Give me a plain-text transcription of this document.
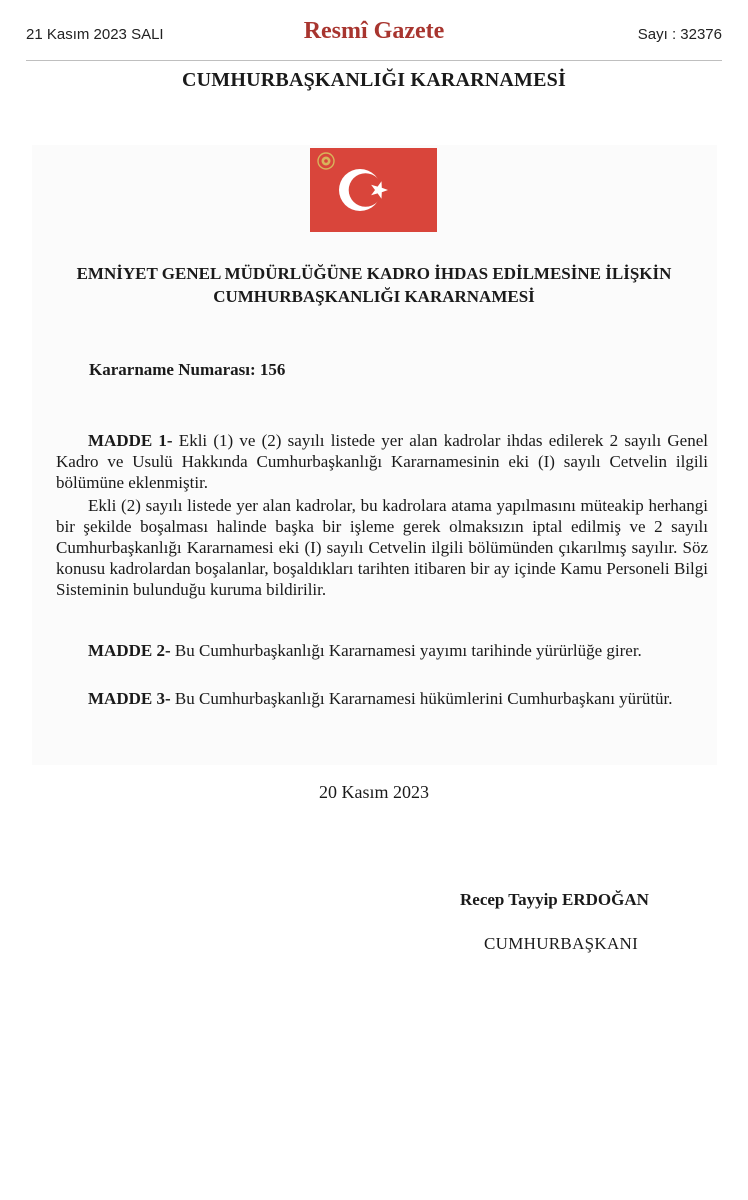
21 Kasım 2023 SALI	Resmî Gazete	Sayı : 32376
CUMHURBAŞKANLIĞI KARARNAMESİ
EMNİYET GENEL MÜDÜRLÜĞÜNE KADRO İHDAS EDİLMESİNE İLİŞKİN
CUMHURBAŞKANLIĞI KARARNAMESİ
Kararname Numarası: 156

MADDE 1- Ekli (1) ve (2) sayılı listede yer alan kadrolar ihdas edilerek 2 sayılı Genel Kadro ve Usulü Hakkında Cumhurbaşkanlığı Kararnamesinin eki (I) sayılı Cetvelin ilgili bölümüne eklenmiştir.

Ekli (2) sayılı listede yer alan kadrolar, bu kadrolara atama yapılmasını müteakip herhangi bir şekilde boşalması halinde başka bir işleme gerek olmaksızın iptal edilmiş ve 2 sayılı Cumhurbaşkanlığı Kararnamesi eki (I) sayılı Cetvelin ilgili bölümünden çıkarılmış sayılır. Söz konusu kadrolardan boşalanlar, boşaldıkları tarihten itibaren bir ay içinde Kamu Personeli Bilgi Sisteminin bulunduğu kuruma bildirilir.

MADDE 2- Bu Cumhurbaşkanlığı Kararnamesi yayımı tarihinde yürürlüğe girer.

MADDE 3- Bu Cumhurbaşkanlığı Kararnamesi hükümlerini Cumhurbaşkanı yürütür.

20 Kasım 2023
Recep Tayyip ERDOĞAN
CUMHURBAŞKANI
